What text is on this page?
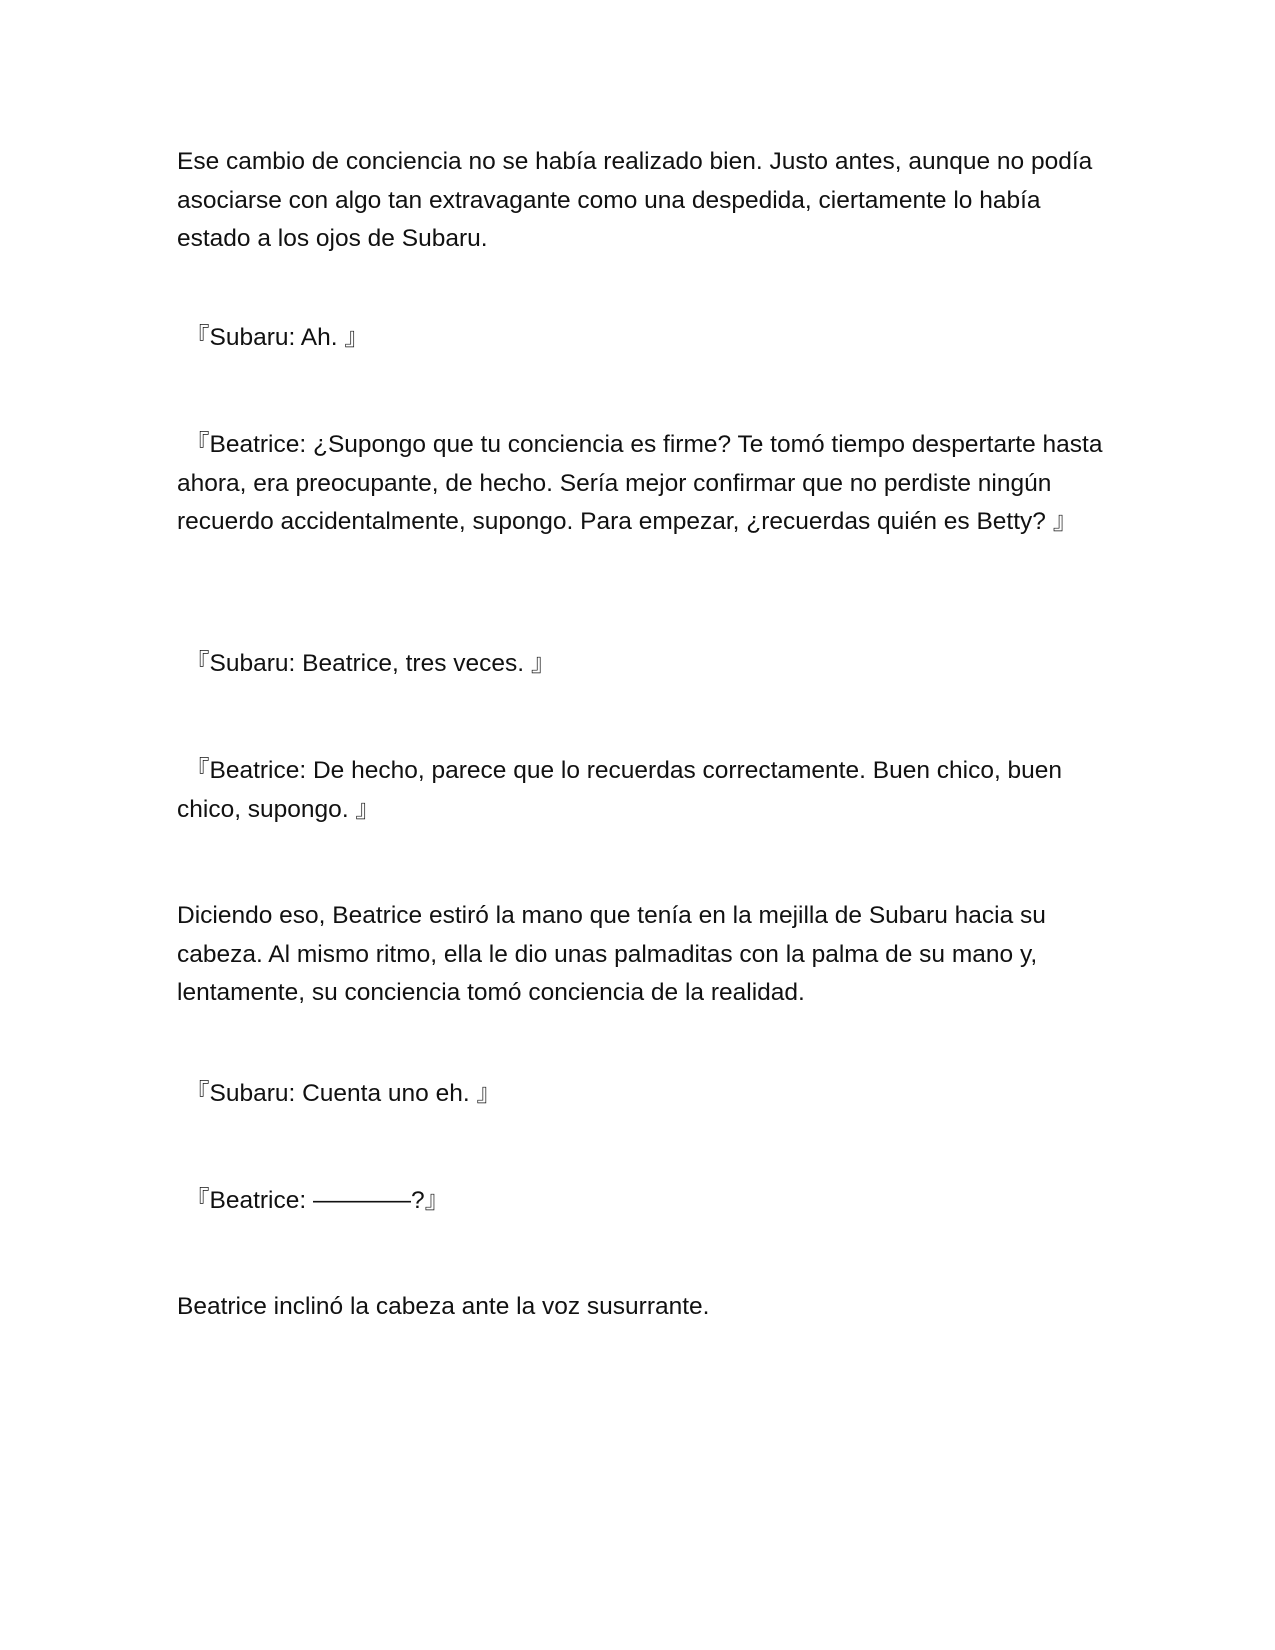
Ese cambio de conciencia no se había realizado bien. Justo antes, aunque no podía asociarse con algo tan extravagante como una despedida, ciertamente lo había estado a los ojos de Subaru.

『Subaru: Ah. 』

『Beatrice: ¿Supongo que tu conciencia es firme? Te tomó tiempo despertarte hasta ahora, era preocupante, de hecho. Sería mejor confirmar que no perdiste ningún recuerdo accidentalmente, supongo. Para empezar, ¿recuerdas quién es Betty? 』

『Subaru: Beatrice, tres veces. 』

『Beatrice: De hecho, parece que lo recuerdas correctamente. Buen chico, buen chico, supongo. 』

Diciendo eso, Beatrice estiró la mano que tenía en la mejilla de Subaru hacia su cabeza. Al mismo ritmo, ella le dio unas palmaditas con la palma de su mano y, lentamente, su conciencia tomó conciencia de la realidad.

『Subaru: Cuenta uno eh. 』

『Beatrice: ————?』

Beatrice inclinó la cabeza ante la voz susurrante.
